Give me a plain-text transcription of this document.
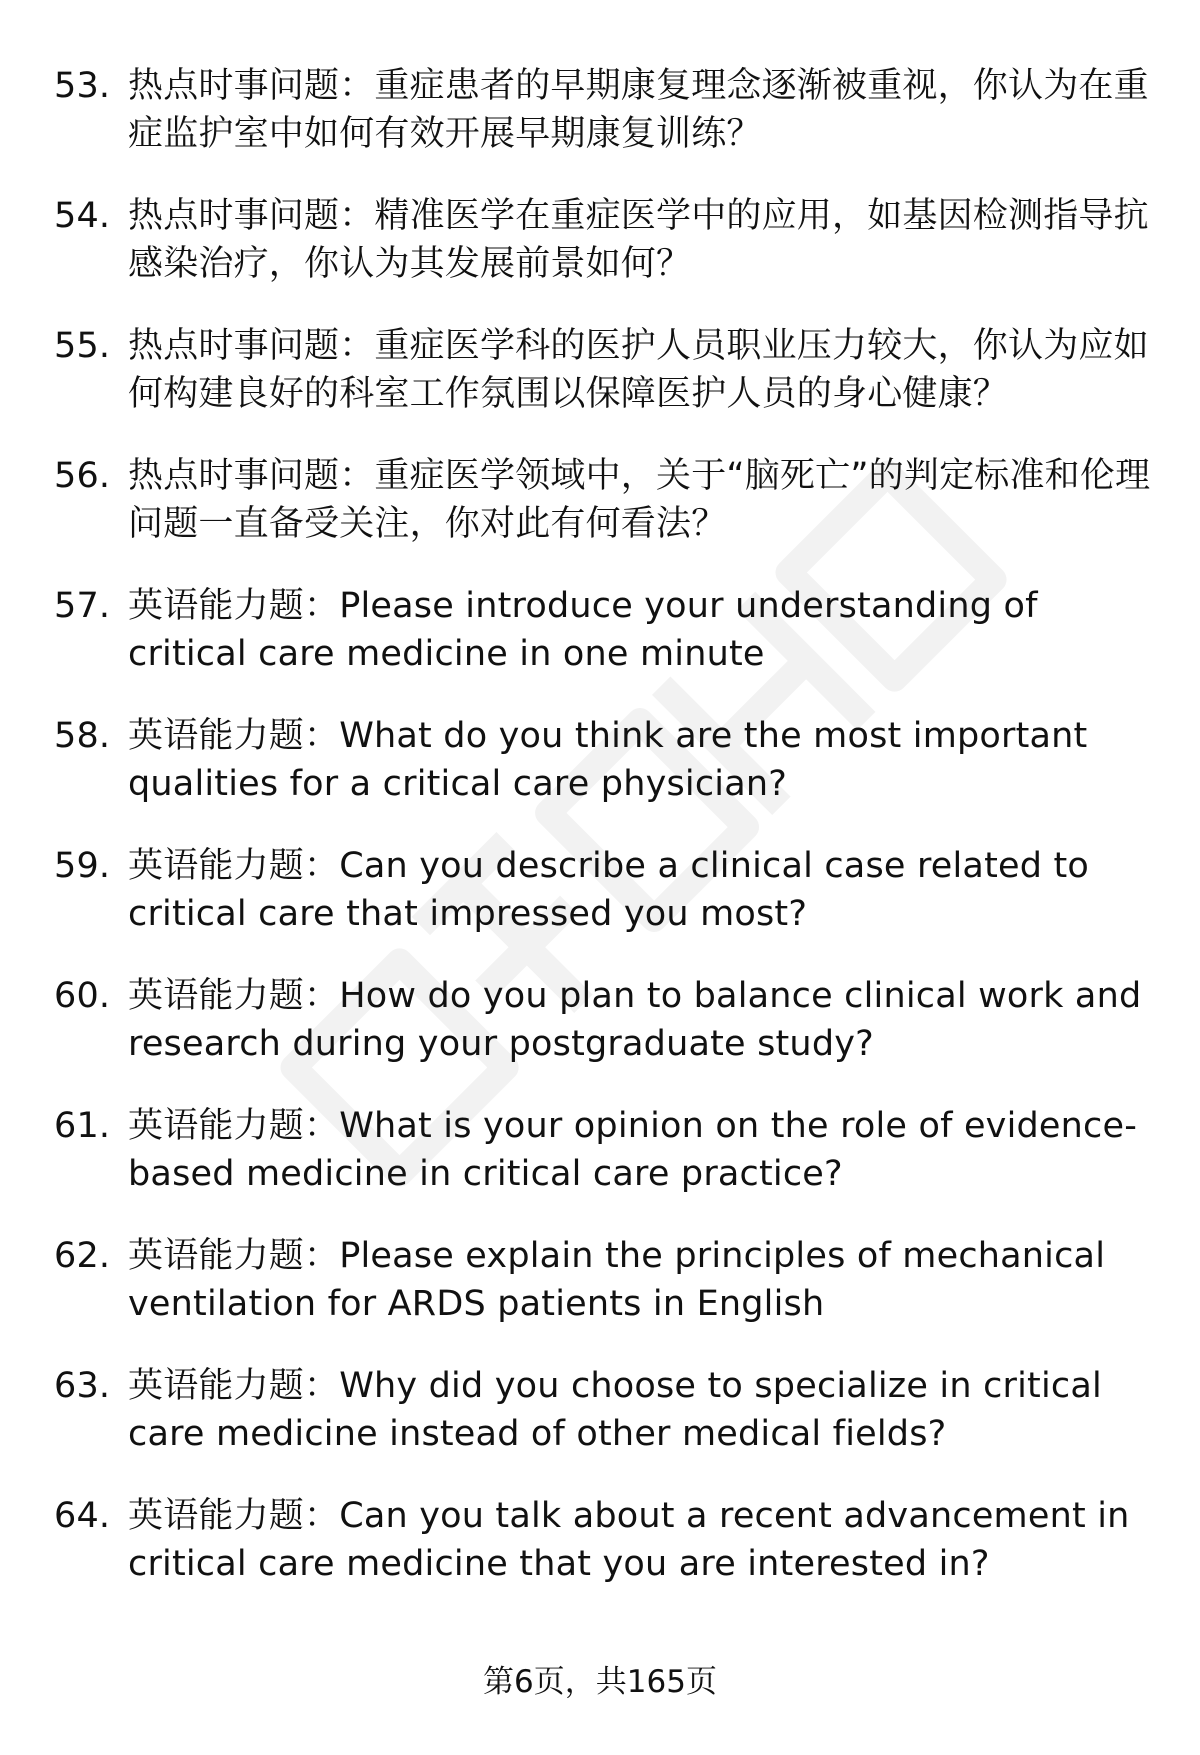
53. 热点时事问题：重症患者的早期康复理念逐渐被重视，你认为在重症监护室中如何有效开展早期康复训练？
54. 热点时事问题：精准医学在重症医学中的应用，如基因检测指导抗感染治疗，你认为其发展前景如何？
55. 热点时事问题：重症医学科的医护人员职业压力较大，你认为应如何构建良好的科室工作氛围以保障医护人员的身心健康？
56. 热点时事问题：重症医学领域中，关于“脑死亡”的判定标准和伦理问题一直备受关注，你对此有何看法？
57. 英语能力题：Please introduce your understanding of critical care medicine in one minute
58. 英语能力题：What do you think are the most important qualities for a critical care physician?
59. 英语能力题：Can you describe a clinical case related to critical care that impressed you most?
60. 英语能力题：How do you plan to balance clinical work and research during your postgraduate study?
61. 英语能力题：What is your opinion on the role of evidence-based medicine in critical care practice?
62. 英语能力题：Please explain the principles of mechanical ventilation for ARDS patients in English
63. 英语能力题：Why did you choose to specialize in critical care medicine instead of other medical fields?
64. 英语能力题：Can you talk about a recent advancement in critical care medicine that you are interested in?
第6页，共165页
